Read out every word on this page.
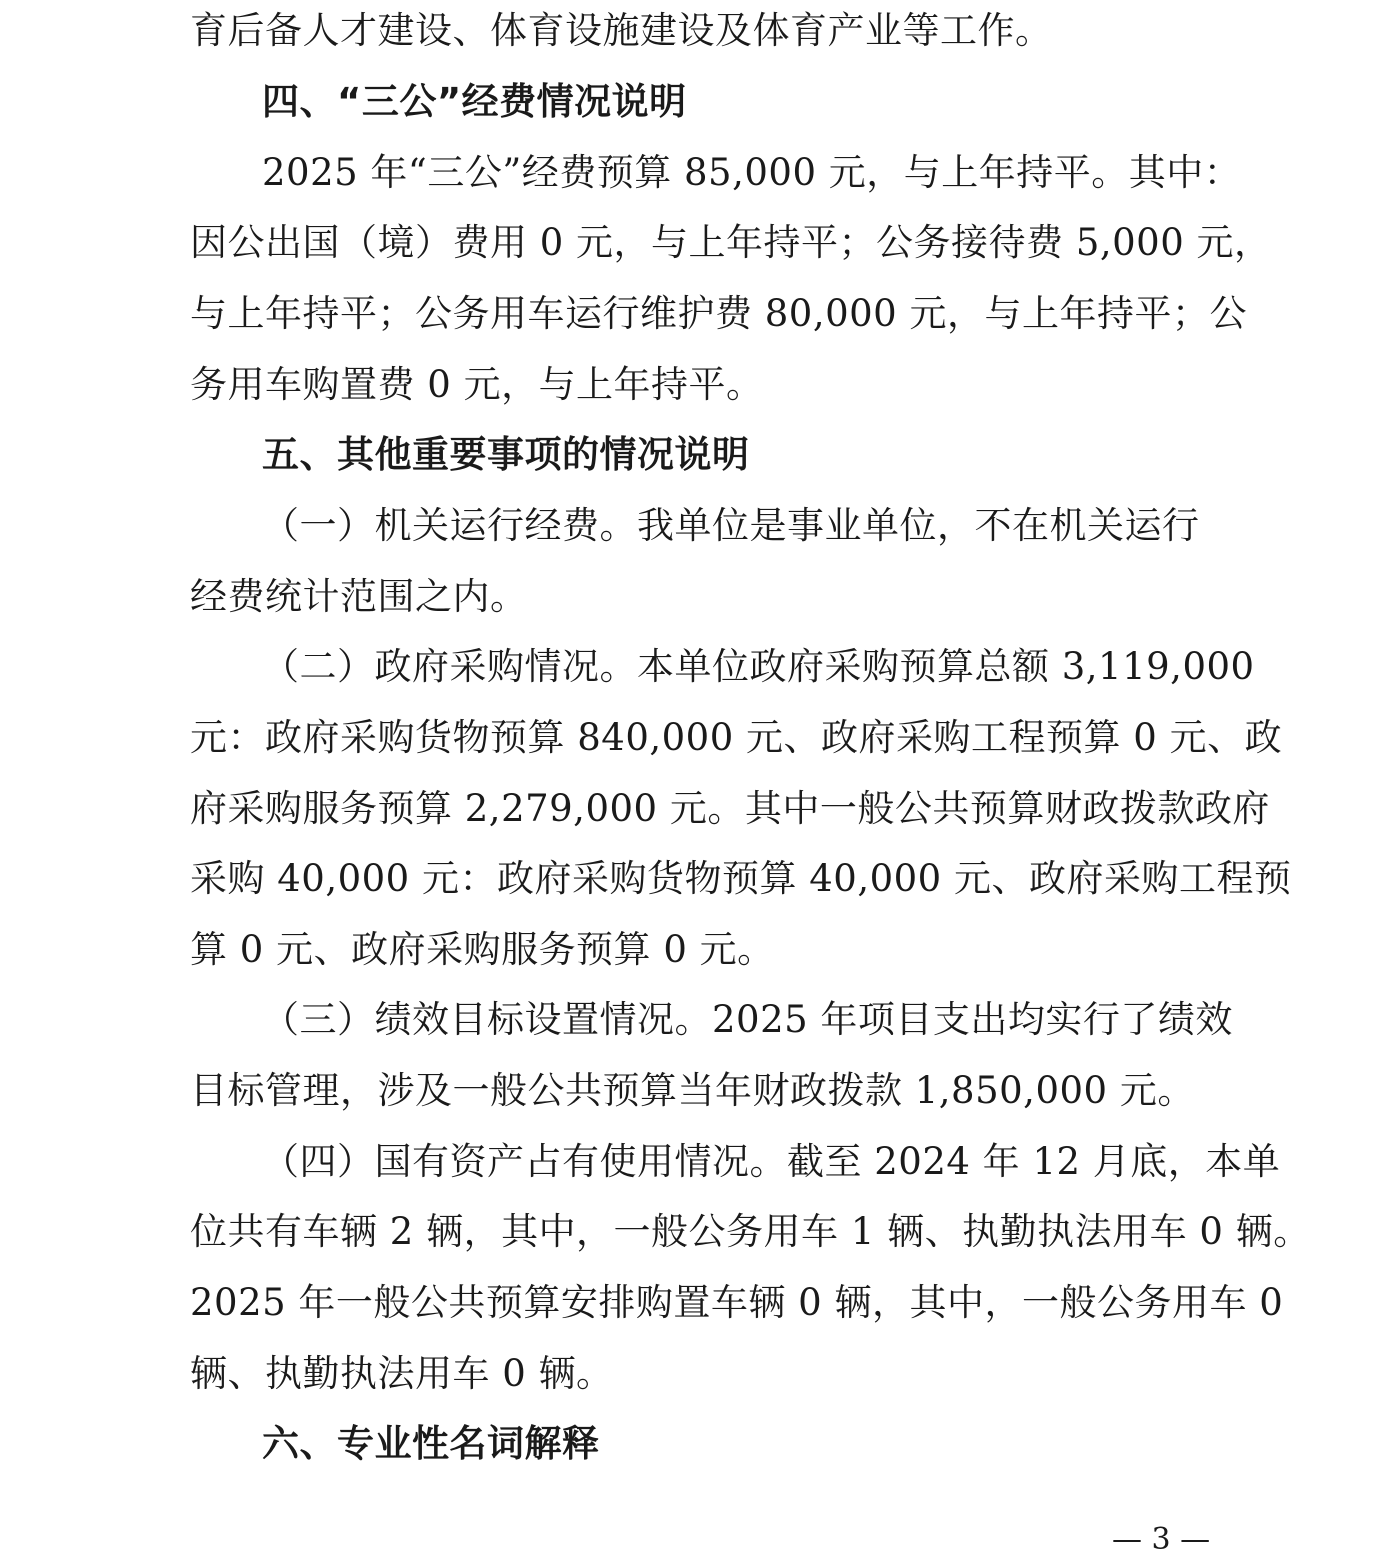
育后备人才建设、体育设施建设及体育产业等工作。
四、“三公”经费情况说明
2025 年“三公”经费预算 85,000 元，与上年持平。其中：
因公出国（境）费用 0 元，与上年持平；公务接待费 5,000 元，
与上年持平；公务用车运行维护费 80,000 元，与上年持平；公
务用车购置费 0 元，与上年持平。
五、其他重要事项的情况说明
（一）机关运行经费。我单位是事业单位，不在机关运行
经费统计范围之内。
（二）政府采购情况。本单位政府采购预算总额 3,119,000
元：政府采购货物预算 840,000 元、政府采购工程预算 0 元、政
府采购服务预算 2,279,000 元。其中一般公共预算财政拨款政府
采购 40,000 元：政府采购货物预算 40,000 元、政府采购工程预
算 0 元、政府采购服务预算 0 元。
（三）绩效目标设置情况。2025 年项目支出均实行了绩效
目标管理，涉及一般公共预算当年财政拨款 1,850,000 元。
（四）国有资产占有使用情况。截至 2024 年 12 月底，本单
位共有车辆 2 辆，其中，一般公务用车 1 辆、执勤执法用车 0 辆。
2025 年一般公共预算安排购置车辆 0 辆，其中，一般公务用车 0
辆、执勤执法用车 0 辆。
六、专业性名词解释
— 3 —
